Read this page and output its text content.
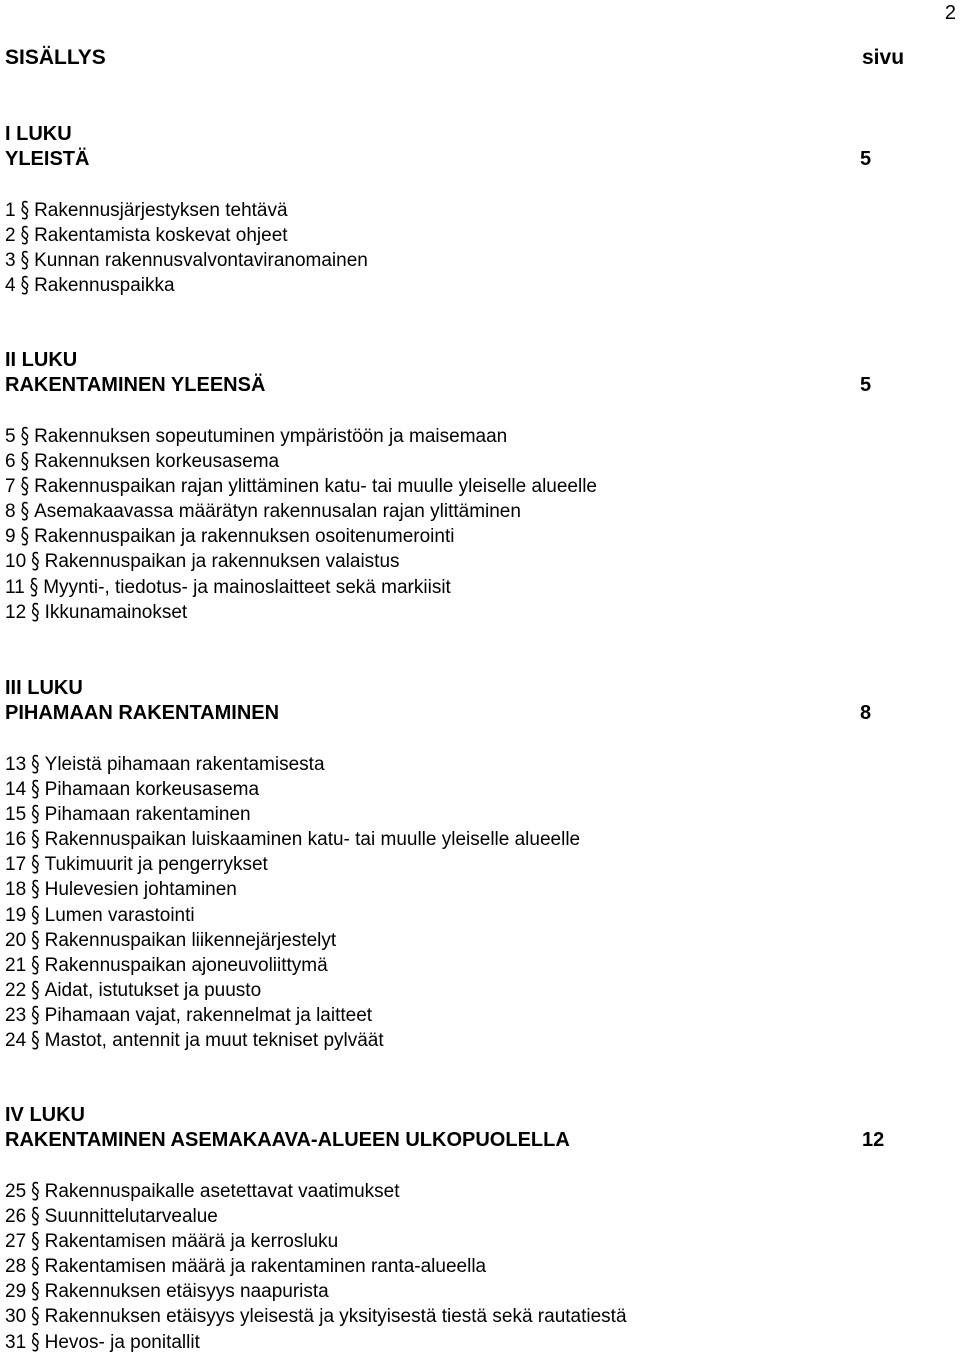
2
SISÄLLYS	sivu
I LUKU
YLEISTÄ	5
1 § Rakennusjärjestyksen tehtävä
2 § Rakentamista koskevat ohjeet
3 § Kunnan rakennusvalvontaviranomainen
4 § Rakennuspaikka
II LUKU
RAKENTAMINEN YLEENSÄ	5
5 § Rakennuksen sopeutuminen ympäristöön ja maisemaan
6 § Rakennuksen korkeusasema
7 § Rakennuspaikan rajan ylittäminen katu- tai muulle yleiselle alueelle
8 § Asemakaavassa määrätyn rakennusalan rajan ylittäminen
9 § Rakennuspaikan ja rakennuksen osoitenumerointi
10 § Rakennuspaikan ja rakennuksen valaistus
11 § Myynti-, tiedotus- ja mainoslaitteet sekä markiisit
12 § Ikkunamainokset
III LUKU
PIHAMAAN RAKENTAMINEN	8
13 § Yleistä pihamaan rakentamisesta
14 § Pihamaan korkeusasema
15 § Pihamaan rakentaminen
16 § Rakennuspaikan luiskaaminen katu- tai muulle yleiselle alueelle
17 § Tukimuurit ja pengerrykset
18 § Hulevesien johtaminen
19 § Lumen varastointi
20 § Rakennuspaikan liikennejärjestelyt
21 § Rakennuspaikan ajoneuvoliittymä
22 § Aidat, istutukset ja puusto
23 § Pihamaan vajat, rakennelmat ja laitteet
24 § Mastot, antennit ja muut tekniset pylväät
IV LUKU
RAKENTAMINEN ASEMAKAAVA-ALUEEN ULKOPUOLELLA	12
25 § Rakennuspaikalle asetettavat vaatimukset
26 § Suunnittelutarvealue
27 § Rakentamisen määrä ja kerrosluku
28 § Rakentamisen määrä ja rakentaminen ranta-alueella
29 § Rakennuksen etäisyys naapurista
30 § Rakennuksen etäisyys yleisestä ja yksityisestä tiestä sekä rautatiestä
31 § Hevos- ja ponitallit
